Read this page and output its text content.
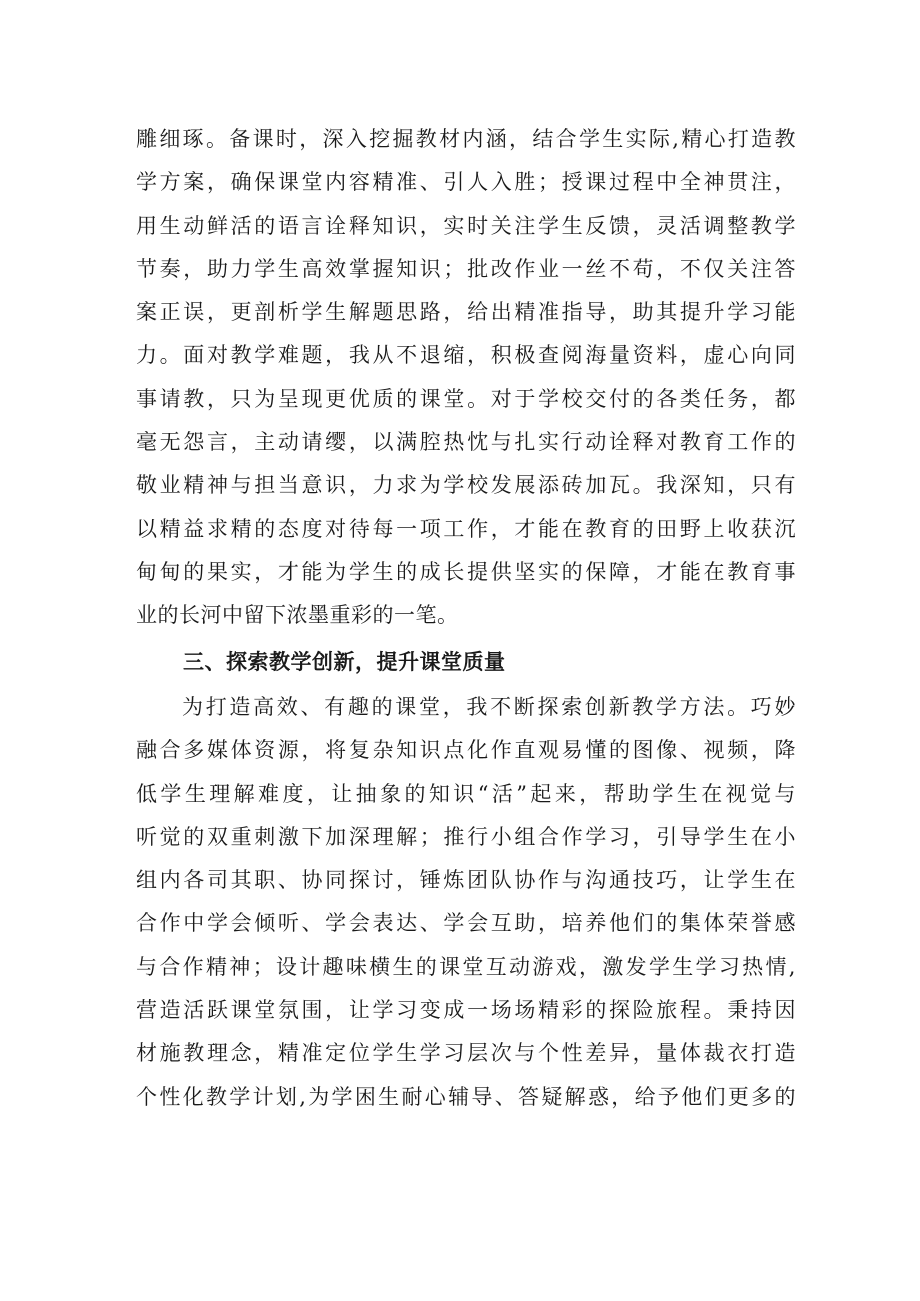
雕细琢。备课时，深入挖掘教材内涵，结合学生实际,精心打造教
学方案，确保课堂内容精准、引人入胜；授课过程中全神贯注，
用生动鲜活的语言诠释知识，实时关注学生反馈，灵活调整教学
节奏，助力学生高效掌握知识；批改作业一丝不苟，不仅关注答
案正误，更剖析学生解题思路，给出精准指导，助其提升学习能
力。面对教学难题，我从不退缩，积极查阅海量资料，虚心向同
事请教，只为呈现更优质的课堂。对于学校交付的各类任务，都
毫无怨言，主动请缨，以满腔热忱与扎实行动诠释对教育工作的
敬业精神与担当意识，力求为学校发展添砖加瓦。我深知，只有
以精益求精的态度对待每一项工作，才能在教育的田野上收获沉
甸甸的果实，才能为学生的成长提供坚实的保障，才能在教育事
业的长河中留下浓墨重彩的一笔。
三、探索教学创新，提升课堂质量
为打造高效、有趣的课堂，我不断探索创新教学方法。巧妙
融合多媒体资源，将复杂知识点化作直观易懂的图像、视频，降
低学生理解难度，让抽象的知识“活”起来，帮助学生在视觉与
听觉的双重刺激下加深理解；推行小组合作学习，引导学生在小
组内各司其职、协同探讨，锤炼团队协作与沟通技巧，让学生在
合作中学会倾听、学会表达、学会互助，培养他们的集体荣誉感
与合作精神；设计趣味横生的课堂互动游戏，激发学生学习热情,
营造活跃课堂氛围，让学习变成一场场精彩的探险旅程。秉持因
材施教理念，精准定位学生学习层次与个性差异，量体裁衣打造
个性化教学计划,为学困生耐心辅导、答疑解惑，给予他们更多的
